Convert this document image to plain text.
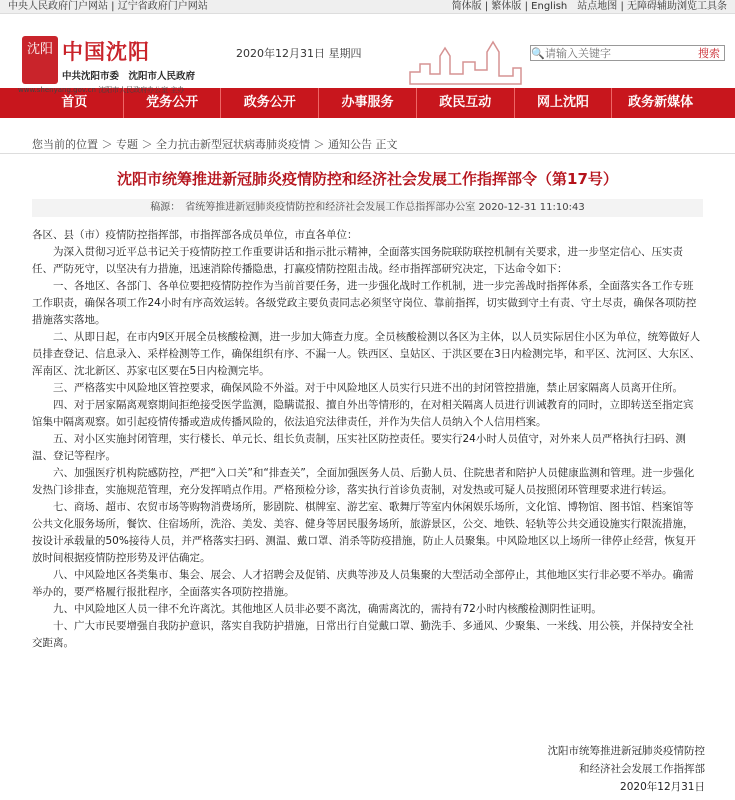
中央人民政府门户网站 | 辽宁省政府门户网站	简体版 | 繁体版 | English　 站点地图 | 无障碍辅助浏览工具条
沈阳 中国沈阳
中共沈阳市委　沈阳市人民政府
www.shenyang.gov.cn 沈阳市人民政府办公室 主办
2020年12月31日 星期四	🔍
请输入关键字	搜索
首页	党务公开	政务公开	办事服务	政民互动	网上沈阳	政务新媒体
您当前的位置 ＞ 专题 ＞ 全力抗击新型冠状病毒肺炎疫情 ＞ 通知公告 正文
沈阳市统筹推进新冠肺炎疫情防控和经济社会发展工作指挥部令（第17号）
稿源：　省统筹推进新冠肺炎疫情防控和经济社会发展工作总指挥部办公室 2020-12-31 11:10:43

各区、县（市）疫情防控指挥部，市指挥部各成员单位，市直各单位：

为深入贯彻习近平总书记关于疫情防控工作重要讲话和指示批示精神，全面落实国务院联防联控机制有关要求，进一步坚定信心、压实责任、严防死守，以坚决有力措施，迅速消除传播隐患，打赢疫情防控阻击战。经市指挥部研究决定，下达命令如下：

一、各地区、各部门、各单位要把疫情防控作为当前首要任务，进一步强化战时工作机制，进一步完善战时指挥体系，全面落实各工作专班工作职责，确保各项工作24小时有序高效运转。各级党政主要负责同志必须坚守岗位、靠前指挥，切实做到守土有责、守土尽责，确保各项防控措施落实落地。

二、从即日起，在市内9区开展全员核酸检测，进一步加大筛查力度。全员核酸检测以各区为主体，以人员实际居住小区为单位，统筹做好人员排查登记、信息录入、采样检测等工作，确保组织有序、不漏一人。铁西区、皇姑区、于洪区要在3日内检测完毕，和平区、沈河区、大东区、浑南区、沈北新区、苏家屯区要在5日内检测完毕。

三、严格落实中风险地区管控要求，确保风险不外溢。对于中风险地区人员实行只进不出的封闭管控措施，禁止居家隔离人员离开住所。

四、对于居家隔离观察期间拒绝接受医学监测，隐瞒谎报、擅自外出等情形的，在对相关隔离人员进行训诫教育的同时，立即转送至指定宾馆集中隔离观察。如引起疫情传播或造成传播风险的，依法追究法律责任，并作为失信人员纳入个人信用档案。

五、对小区实施封闭管理，实行楼长、单元长、组长负责制，压实社区防控责任。要实行24小时人员值守，对外来人员严格执行扫码、测温、登记等程序。

六、加强医疗机构院感防控，严把“入口关”和“排查关”，全面加强医务人员、后勤人员、住院患者和陪护人员健康监测和管理。进一步强化发热门诊排查，实施规范管理，充分发挥哨点作用。严格预检分诊，落实执行首诊负责制，对发热或可疑人员按照闭环管理要求进行转运。

七、商场、超市、农贸市场等购物消费场所，影剧院、棋牌室、游艺室、歌舞厅等室内休闲娱乐场所，文化馆、博物馆、图书馆、档案馆等公共文化服务场所，餐饮、住宿场所，洗浴、美发、美容、健身等居民服务场所，旅游景区，公交、地铁、轻轨等公共交通设施实行限流措施，按设计承载量的50%接待人员，并严格落实扫码、测温、戴口罩、消杀等防疫措施，防止人员聚集。中风险地区以上场所一律停止经营，恢复开放时间根据疫情防控形势及评估确定。

八、中风险地区各类集市、集会、展会、人才招聘会及促销、庆典等涉及人员集聚的大型活动全部停止，其他地区实行非必要不举办。确需举办的，要严格履行报批程序，全面落实各项防控措施。

九、中风险地区人员一律不允许离沈。其他地区人员非必要不离沈，确需离沈的，需持有72小时内核酸检测阴性证明。

十、广大市民要增强自我防护意识，落实自我防护措施，日常出行自觉戴口罩、勤洗手、多通风、少聚集、一米线、用公筷，并保持安全社交距离。

沈阳市统筹推进新冠肺炎疫情防控
和经济社会发展工作指挥部
2020年12月31日
